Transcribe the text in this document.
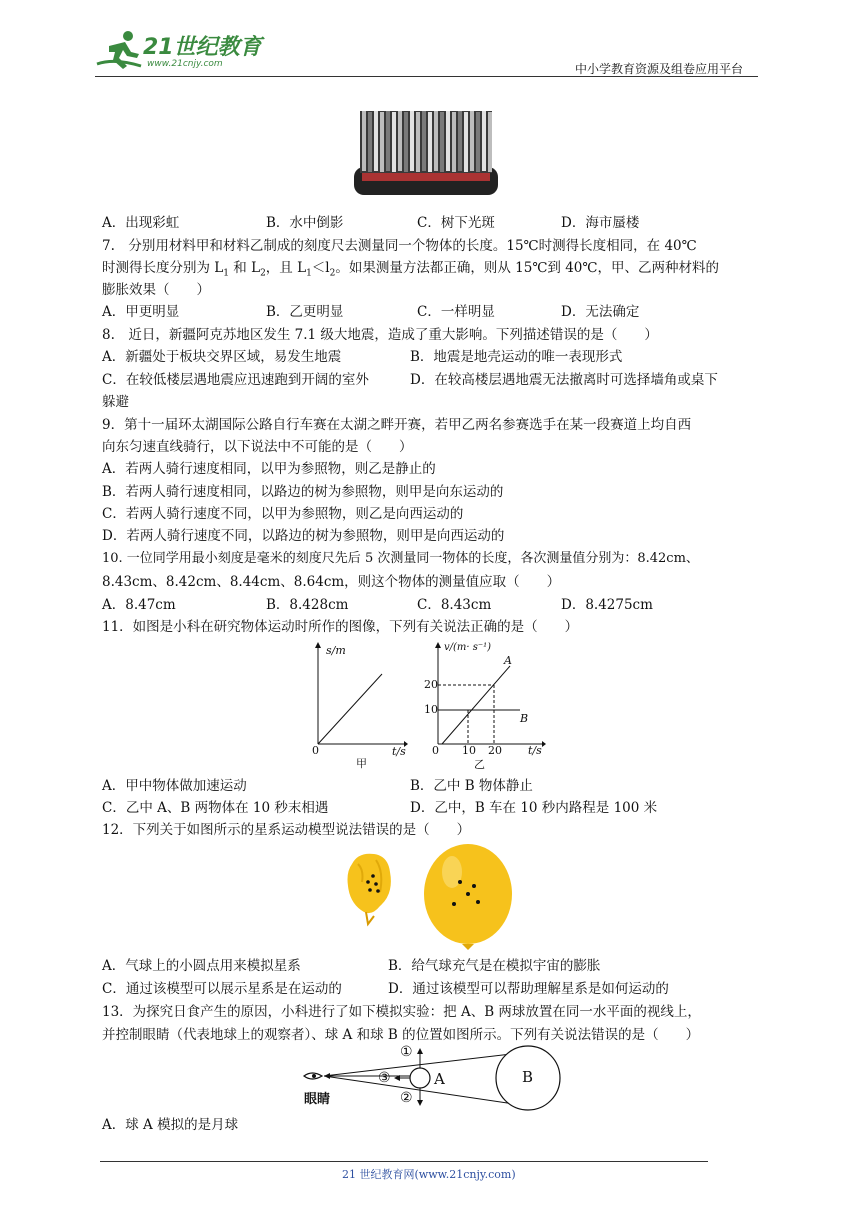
21世纪教育
www.21cnjy.com	中小学教育资源及组卷应用平台
A．出现彩虹	B．水中倒影	C．树下光斑	D．海市蜃楼
7.　分别用材料甲和材料乙制成的刻度尺去测量同一个物体的长度。15℃时测得长度相同，在 40℃
时测得长度分别为 $L_1$ 和 $L_2$，且 $L_1<l_2$。如果测量方法都正确，则从 15℃到 40℃，甲、乙两种材料的
膨胀效果（　　）
A．甲更明显	B．乙更明显	C．一样明显	D．无法确定
8.　近日，新疆阿克苏地区发生 7.1 级大地震，造成了重大影响。下列描述错误的是（　　）
A．新疆处于板块交界区域，易发生地震	B．地震是地壳运动的唯一表现形式
C．在较低楼层遇地震应迅速跑到开阔的室外	D．在较高楼层遇地震无法撤离时可选择墙角或桌下
躲避
9．第十一届环太湖国际公路自行车赛在太湖之畔开赛，若甲乙两名参赛选手在某一段赛道上均自西
向东匀速直线骑行，以下说法中不可能的是（　　）
A．若两人骑行速度相同，以甲为参照物，则乙是静止的
B．若两人骑行速度相同，以路边的树为参照物，则甲是向东运动的
C．若两人骑行速度不同，以甲为参照物，则乙是向西运动的
D．若两人骑行速度不同，以路边的树为参照物，则甲是向西运动的
10. 一位同学用最小刻度是毫米的刻度尺先后 5 次测量同一物体的长度，各次测量值分别为：8.42cm、
8.43cm、8.42cm、8.44cm、8.64cm，则这个物体的测量值应取（　　）
A．8.47cm	B．8.428cm	C．8.43cm	D．8.4275cm
11．如图是小科在研究物体运动时所作的图像，下列有关说法正确的是（　　）
s/m
0	t/s
甲
v/(m· s⁻¹)
A
20
10
B
0 10 20 t/s
乙
A．甲中物体做加速运动	B．乙中 B 物体静止
C．乙中 A、B 两物体在 10 秒末相遇	D．乙中，B 车在 10 秒内路程是 100 米
12．下列关于如图所示的星系运动模型说法错误的是（　　）
A．气球上的小圆点用来模拟星系	B．给气球充气是在模拟宇宙的膨胀
C．通过该模型可以展示星系是在运动的	D．通过该模型可以帮助理解星系是如何运动的
13．为探究日食产生的原因，小科进行了如下模拟实验：把 A、B 两球放置在同一水平面的视线上，
并控制眼睛（代表地球上的观察者）、球 A 和球 B 的位置如图所示。下列有关说法错误的是（　　）
眼睛
A	B
①
③
②
A．球 A 模拟的是月球
21 世纪教育网(www.21cnjy.com)
